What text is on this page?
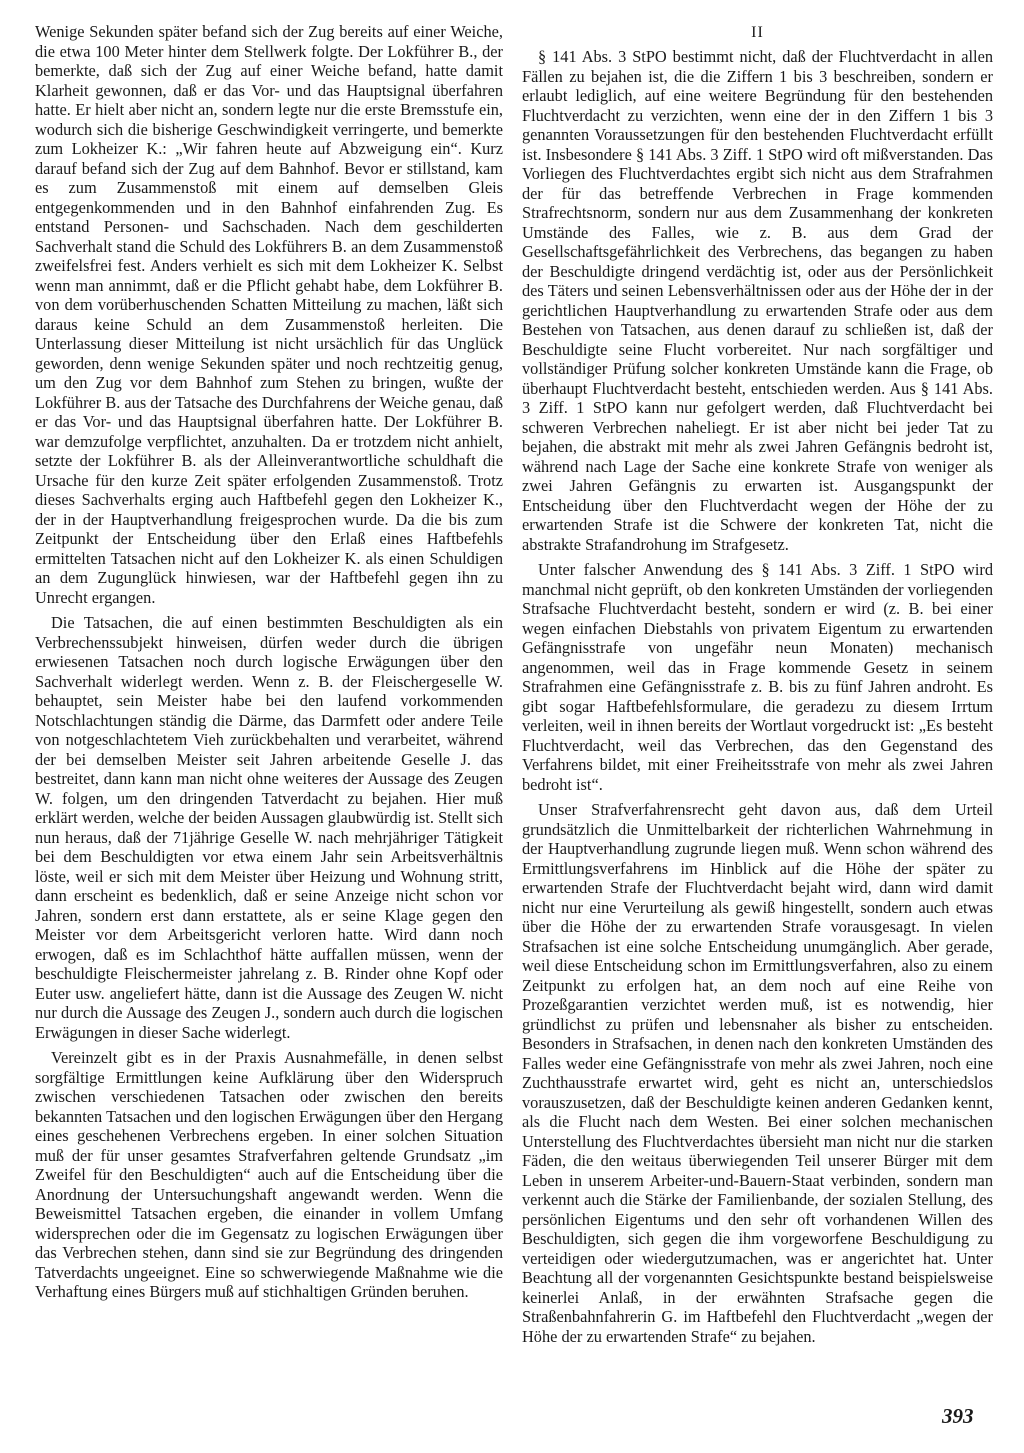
Wenige Sekunden später befand sich der Zug bereits auf einer Weiche, die etwa 100 Meter hinter dem Stellwerk folgte. Der Lokführer B., der bemerkte, daß sich der Zug auf einer Weiche befand, hatte damit Klarheit gewonnen, daß er das Vor- und das Hauptsignal überfahren hatte. Er hielt aber nicht an, sondern legte nur die erste Bremsstufe ein, wodurch sich die bisherige Geschwindigkeit verringerte, und bemerkte zum Lokheizer K.: „Wir fahren heute auf Abzweigung ein“. Kurz darauf befand sich der Zug auf dem Bahnhof. Bevor er stillstand, kam es zum Zusammenstoß mit einem auf demselben Gleis entgegenkommenden und in den Bahnhof einfahrenden Zug. Es entstand Personen- und Sachschaden. Nach dem geschilderten Sachverhalt stand die Schuld des Lokführers B. an dem Zusammenstoß zweifelsfrei fest. Anders verhielt es sich mit dem Lokheizer K. Selbst wenn man annimmt, daß er die Pflicht gehabt habe, dem Lokführer B. von dem vorüberhuschenden Schatten Mitteilung zu machen, läßt sich daraus keine Schuld an dem Zusammenstoß herleiten. Die Unterlassung dieser Mitteilung ist nicht ursächlich für das Unglück geworden, denn wenige Sekunden später und noch rechtzeitig genug, um den Zug vor dem Bahnhof zum Stehen zu bringen, wußte der Lokführer B. aus der Tatsache des Durchfahrens der Weiche genau, daß er das Vor- und das Hauptsignal überfahren hatte. Der Lokführer B. war demzufolge verpflichtet, anzuhalten. Da er trotzdem nicht anhielt, setzte der Lokführer B. als der Alleinverantwortliche schuldhaft die Ursache für den kurze Zeit später erfolgenden Zusammenstoß. Trotz dieses Sachverhalts erging auch Haftbefehl gegen den Lokheizer K., der in der Hauptverhandlung freigesprochen wurde. Da die bis zum Zeitpunkt der Entscheidung über den Erlaß eines Haftbefehls ermittelten Tatsachen nicht auf den Lokheizer K. als einen Schuldigen an dem Zugunglück hinwiesen, war der Haftbefehl gegen ihn zu Unrecht ergangen.

Die Tatsachen, die auf einen bestimmten Beschuldigten als ein Verbrechenssubjekt hinweisen, dürfen weder durch die übrigen erwiesenen Tatsachen noch durch logische Erwägungen über den Sachverhalt widerlegt werden. Wenn z. B. der Fleischergeselle W. behauptet, sein Meister habe bei den laufend vorkommenden Notschlachtungen ständig die Därme, das Darmfett oder andere Teile von notgeschlachtetem Vieh zurückbehalten und verarbeitet, während der bei demselben Meister seit Jahren arbeitende Geselle J. das bestreitet, dann kann man nicht ohne weiteres der Aussage des Zeugen W. folgen, um den dringenden Tatverdacht zu bejahen. Hier muß erklärt werden, welche der beiden Aussagen glaubwürdig ist. Stellt sich nun heraus, daß der 71jährige Geselle W. nach mehrjähriger Tätigkeit bei dem Beschuldigten vor etwa einem Jahr sein Arbeitsverhältnis löste, weil er sich mit dem Meister über Heizung und Wohnung stritt, dann erscheint es bedenklich, daß er seine Anzeige nicht schon vor Jahren, sondern erst dann erstattete, als er seine Klage gegen den Meister vor dem Arbeitsgericht verloren hatte. Wird dann noch erwogen, daß es im Schlachthof hätte auffallen müssen, wenn der beschuldigte Fleischermeister jahrelang z. B. Rinder ohne Kopf oder Euter usw. angeliefert hätte, dann ist die Aussage des Zeugen W. nicht nur durch die Aussage des Zeugen J., sondern auch durch die logischen Erwägungen in dieser Sache widerlegt.

Vereinzelt gibt es in der Praxis Ausnahmefälle, in denen selbst sorgfältige Ermittlungen keine Aufklärung über den Widerspruch zwischen verschiedenen Tatsachen oder zwischen den bereits bekannten Tatsachen und den logischen Erwägungen über den Hergang eines geschehenen Verbrechens ergeben. In einer solchen Situation muß der für unser gesamtes Strafverfahren geltende Grundsatz „im Zweifel für den Beschuldigten“ auch auf die Entscheidung über die Anordnung der Untersuchungshaft angewandt werden. Wenn die Beweismittel Tatsachen ergeben, die einander in vollem Umfang widersprechen oder die im Gegensatz zu logischen Erwägungen über das Verbrechen stehen, dann sind sie zur Begründung des dringenden Tatverdachts ungeeignet. Eine so schwerwiegende Maßnahme wie die Verhaftung eines Bürgers muß auf stichhaltigen Gründen beruhen.

II

§ 141 Abs. 3 StPO bestimmt nicht, daß der Fluchtverdacht in allen Fällen zu bejahen ist, die die Ziffern 1 bis 3 beschreiben, sondern er erlaubt lediglich, auf eine weitere Begründung für den bestehenden Fluchtverdacht zu verzichten, wenn eine der in den Ziffern 1 bis 3 genannten Voraussetzungen für den bestehenden Fluchtverdacht erfüllt ist. Insbesondere § 141 Abs. 3 Ziff. 1 StPO wird oft mißverstanden. Das Vorliegen des Fluchtverdachtes ergibt sich nicht aus dem Strafrahmen der für das betreffende Verbrechen in Frage kommenden Strafrechtsnorm, sondern nur aus dem Zusammenhang der konkreten Umstände des Falles, wie z. B. aus dem Grad der Gesellschaftsgefährlichkeit des Verbrechens, das begangen zu haben der Beschuldigte dringend verdächtig ist, oder aus der Persönlichkeit des Täters und seinen Lebensverhältnissen oder aus der Höhe der in der gerichtlichen Hauptverhandlung zu erwartenden Strafe oder aus dem Bestehen von Tatsachen, aus denen darauf zu schließen ist, daß der Beschuldigte seine Flucht vorbereitet. Nur nach sorgfältiger und vollständiger Prüfung solcher konkreten Umstände kann die Frage, ob überhaupt Fluchtverdacht besteht, entschieden werden. Aus § 141 Abs. 3 Ziff. 1 StPO kann nur gefolgert werden, daß Fluchtverdacht bei schweren Verbrechen naheliegt. Er ist aber nicht bei jeder Tat zu bejahen, die abstrakt mit mehr als zwei Jahren Gefängnis bedroht ist, während nach Lage der Sache eine konkrete Strafe von weniger als zwei Jahren Gefängnis zu erwarten ist. Ausgangspunkt der Entscheidung über den Fluchtverdacht wegen der Höhe der zu erwartenden Strafe ist die Schwere der konkreten Tat, nicht die abstrakte Strafandrohung im Strafgesetz.

Unter falscher Anwendung des § 141 Abs. 3 Ziff. 1 StPO wird manchmal nicht geprüft, ob den konkreten Umständen der vorliegenden Strafsache Fluchtverdacht besteht, sondern er wird (z. B. bei einer wegen einfachen Diebstahls von privatem Eigentum zu erwartenden Gefängnisstrafe von ungefähr neun Monaten) mechanisch angenommen, weil das in Frage kommende Gesetz in seinem Strafrahmen eine Gefängnisstrafe z. B. bis zu fünf Jahren androht. Es gibt sogar Haftbefehlsformulare, die geradezu zu diesem Irrtum verleiten, weil in ihnen bereits der Wortlaut vorgedruckt ist: „Es besteht Fluchtverdacht, weil das Verbrechen, das den Gegenstand des Verfahrens bildet, mit einer Freiheitsstrafe von mehr als zwei Jahren bedroht ist“.

Unser Strafverfahrensrecht geht davon aus, daß dem Urteil grundsätzlich die Unmittelbarkeit der richterlichen Wahrnehmung in der Hauptverhandlung zugrunde liegen muß. Wenn schon während des Ermittlungsverfahrens im Hinblick auf die Höhe der später zu erwartenden Strafe der Fluchtverdacht bejaht wird, dann wird damit nicht nur eine Verurteilung als gewiß hingestellt, sondern auch etwas über die Höhe der zu erwartenden Strafe vorausgesagt. In vielen Strafsachen ist eine solche Entscheidung unumgänglich. Aber gerade, weil diese Entscheidung schon im Ermittlungsverfahren, also zu einem Zeitpunkt zu erfolgen hat, an dem noch auf eine Reihe von Prozeßgarantien verzichtet werden muß, ist es notwendig, hier gründlichst zu prüfen und lebensnaher als bisher zu entscheiden. Besonders in Strafsachen, in denen nach den konkreten Umständen des Falles weder eine Gefängnisstrafe von mehr als zwei Jahren, noch eine Zuchthausstrafe erwartet wird, geht es nicht an, unterschiedslos vorauszusetzen, daß der Beschuldigte keinen anderen Gedanken kennt, als die Flucht nach dem Westen. Bei einer solchen mechanischen Unterstellung des Fluchtverdachtes übersieht man nicht nur die starken Fäden, die den weitaus überwiegenden Teil unserer Bürger mit dem Leben in unserem Arbeiter-und-Bauern-Staat verbinden, sondern man verkennt auch die Stärke der Familienbande, der sozialen Stellung, des persönlichen Eigentums und den sehr oft vorhandenen Willen des Beschuldigten, sich gegen die ihm vorgeworfene Beschuldigung zu verteidigen oder wiedergutzumachen, was er angerichtet hat. Unter Beachtung all der vorgenannten Gesichtspunkte bestand beispielsweise keinerlei Anlaß, in der erwähnten Strafsache gegen die Straßenbahnfahrerin G. im Haftbefehl den Fluchtverdacht „wegen der Höhe der zu erwartenden Strafe“ zu bejahen.

393
